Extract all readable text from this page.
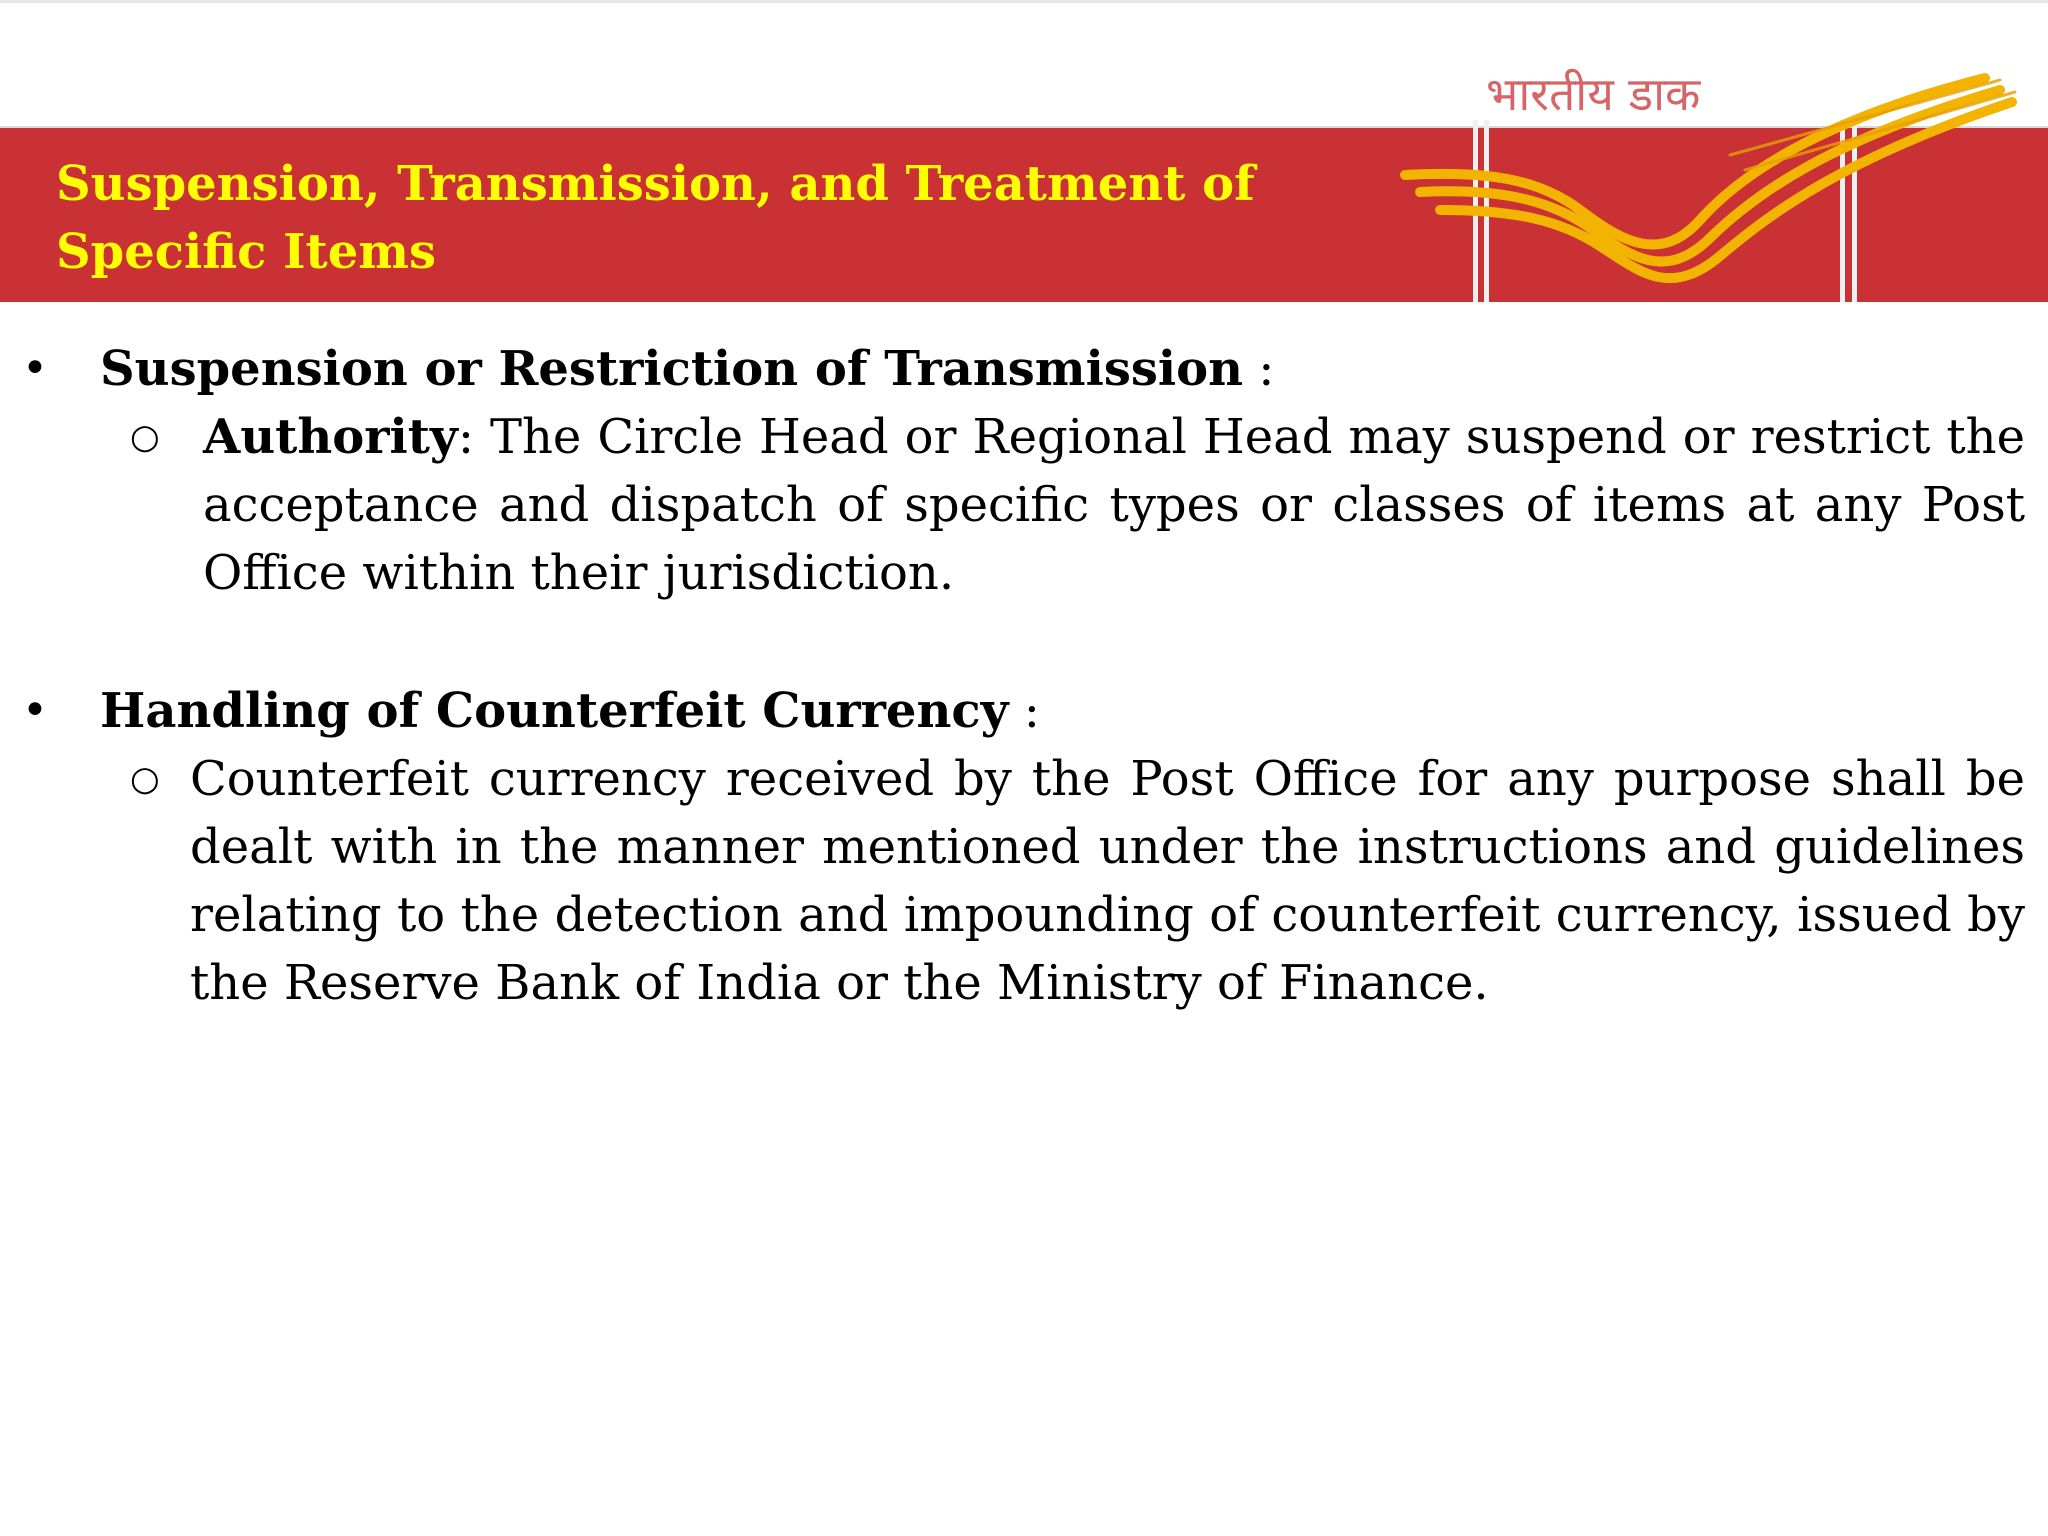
Suspension, Transmission, and Treatment of
Specific Items
भारतीय डाक
• Suspension or Restriction of Transmission :

○ Authority: The Circle Head or Regional Head may suspend or restrict the acceptance and dispatch of specific types or classes of items at any Post Office within their jurisdiction.

• Handling of Counterfeit Currency :

○ Counterfeit currency received by the Post Office for any purpose shall be dealt with in the manner mentioned under the instructions and guidelines relating to the detection and impounding of counterfeit currency, issued by the Reserve Bank of India or the Ministry of Finance.
